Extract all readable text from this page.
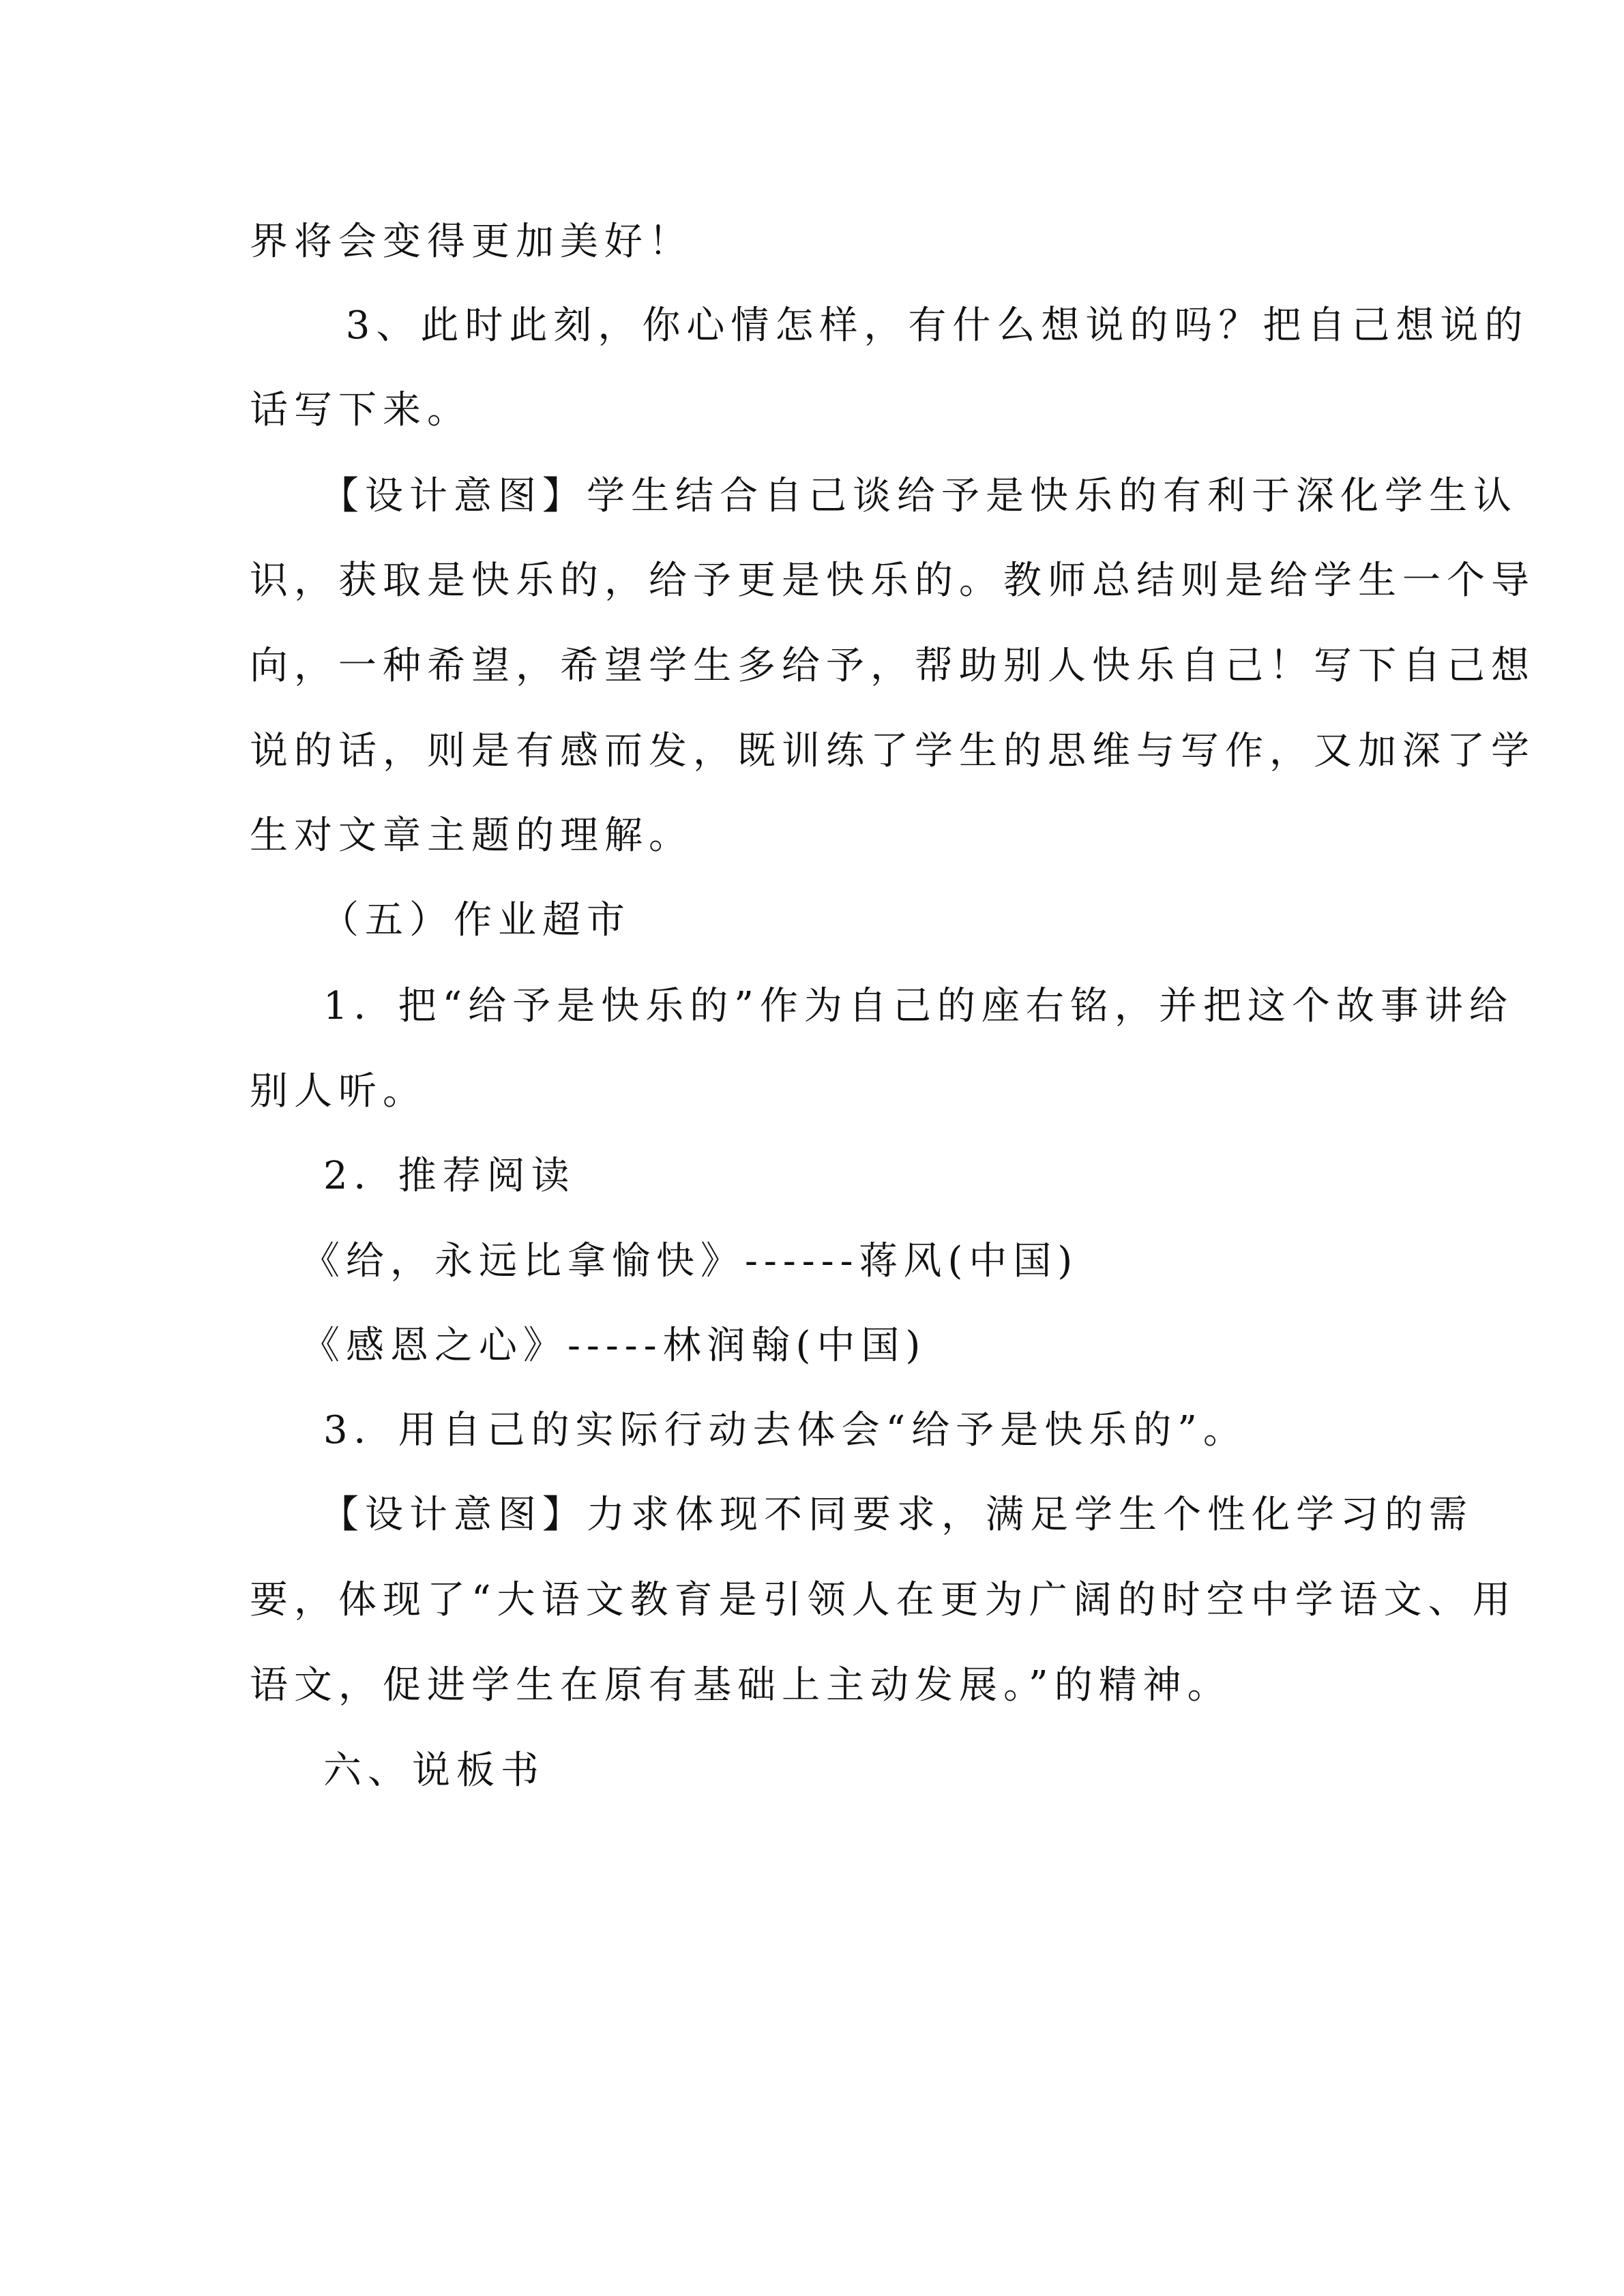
界将会变得更加美好！
3、此时此刻，你心情怎样，有什么想说的吗？把自己想说的
话写下来。
【设计意图】学生结合自己谈给予是快乐的有利于深化学生认
识，获取是快乐的，给予更是快乐的。教师总结则是给学生一个导
向，一种希望，希望学生多给予，帮助别人快乐自己！写下自己想
说的话，则是有感而发，既训练了学生的思维与写作，又加深了学
生对文章主题的理解。
（五）作业超市
1．把“给予是快乐的”作为自己的座右铭，并把这个故事讲给
别人听。
2．推荐阅读
《给，永远比拿愉快》------蒋风(中国)
《感恩之心》-----林润翰(中国)
3．用自己的实际行动去体会“给予是快乐的”。
【设计意图】力求体现不同要求，满足学生个性化学习的需
要，体现了“大语文教育是引领人在更为广阔的时空中学语文、用
语文，促进学生在原有基础上主动发展。”的精神。
六、说板书
